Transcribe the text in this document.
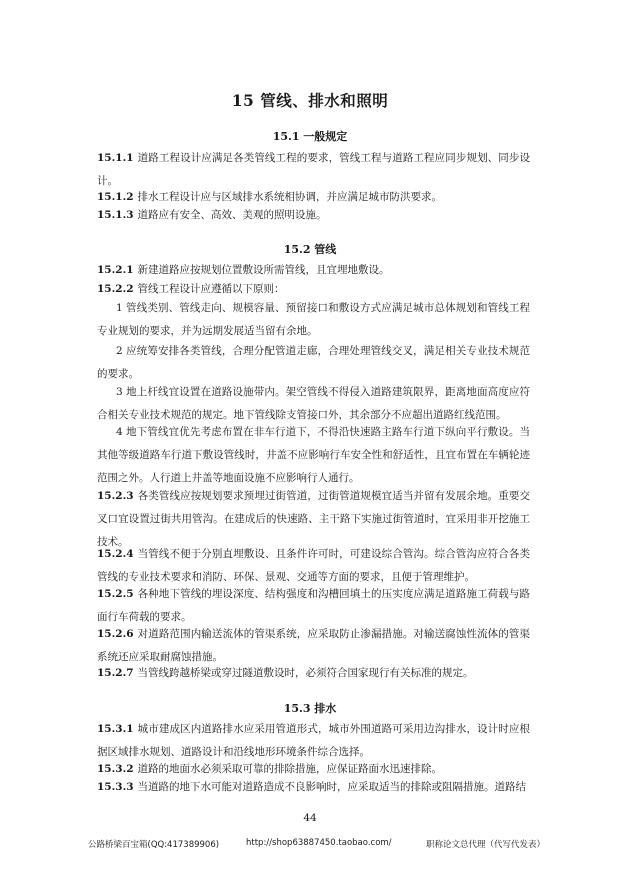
15 管线、排水和照明
15.1 一般规定

15.1.1 道路工程设计应满足各类管线工程的要求，管线工程与道路工程应同步规划、同步设计。

15.1.2 排水工程设计应与区域排水系统相协调，并应满足城市防洪要求。

15.1.3 道路应有安全、高效、美观的照明设施。

15.2 管线

15.2.1 新建道路应按规划位置敷设所需管线，且宜埋地敷设。

15.2.2 管线工程设计应遵循以下原则：

1 管线类别、管线走向、规模容量、预留接口和敷设方式应满足城市总体规划和管线工程专业规划的要求，并为远期发展适当留有余地。

2 应统筹安排各类管线，合理分配管道走廊，合理处理管线交叉，满足相关专业技术规范的要求。

3 地上杆线宜设置在道路设施带内。架空管线不得侵入道路建筑限界，距离地面高度应符合相关专业技术规范的规定。地下管线除支管接口外，其余部分不应超出道路红线范围。

4 地下管线宜优先考虑布置在非车行道下，不得沿快速路主路车行道下纵向平行敷设。当其他等级道路车行道下敷设管线时，井盖不应影响行车安全性和舒适性，且宜布置在车辆轮迹范围之外。人行道上井盖等地面设施不应影响行人通行。

15.2.3 各类管线应按规划要求预埋过街管道，过街管道规模宜适当并留有发展余地。重要交叉口宜设置过街共用管沟。在建成后的快速路、主干路下实施过街管道时，宜采用非开挖施工技术。

15.2.4 当管线不便于分别直埋敷设、且条件许可时，可建设综合管沟。综合管沟应符合各类管线的专业技术要求和消防、环保、景观、交通等方面的要求，且便于管理维护。

15.2.5 各种地下管线的埋设深度、结构强度和沟槽回填土的压实度应满足道路施工荷载与路面行车荷载的要求。

15.2.6 对道路范围内输送流体的管渠系统，应采取防止渗漏措施。对输送腐蚀性流体的管渠系统还应采取耐腐蚀措施。

15.2.7 当管线跨越桥梁或穿过隧道敷设时，必须符合国家现行有关标准的规定。

15.3 排水

15.3.1 城市建成区内道路排水应采用管道形式，城市外围道路可采用边沟排水，设计时应根据区域排水规划、道路设计和沿线地形环境条件综合选择。

15.3.2 道路的地面水必须采取可靠的排除措施，应保证路面水迅速排除。

15.3.3 当道路的地下水可能对道路造成不良影响时，应采取适当的排除或阻隔措施。道路结

44
公路桥梁百宝箱(QQ:417389906)	http://shop63887450.taobao.com/	职称论文总代理（代写代发表）
